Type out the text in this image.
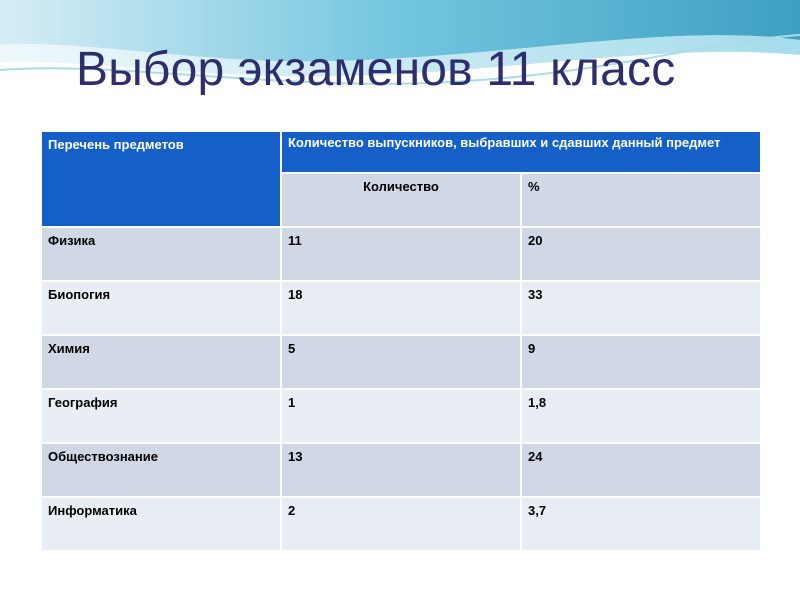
Выбор экзаменов 11 класс
Перечень предметов	Количество выпускников, выбравших и сдавших данный предмет	
	Количество	%
Физика	11	20
Биопогия	18	33
Химия	5	9
География	1	1,8
Обществознание	13	24
Информатика	2	3,7
